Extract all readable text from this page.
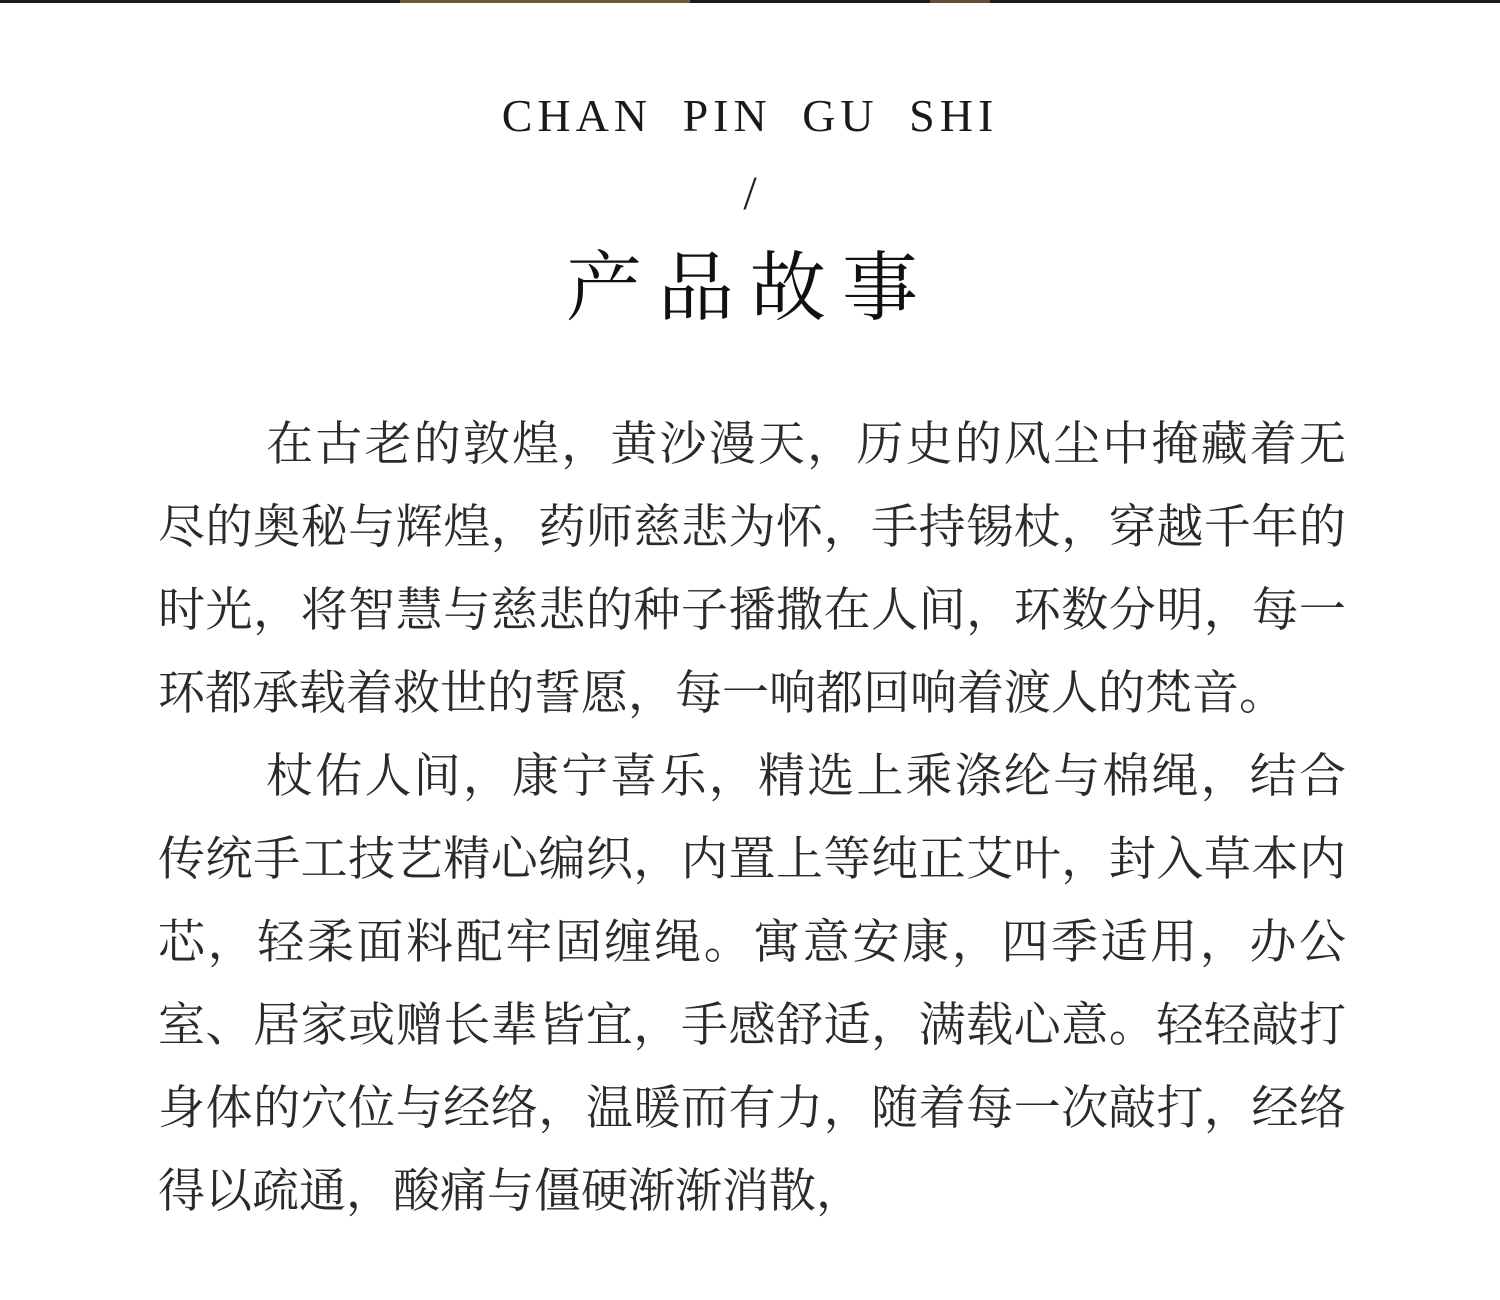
CHAN PIN GU SHI
/
产品故事

在古老的敦煌，黄沙漫天，历史的风尘中掩藏着无尽的奥秘与辉煌，药师慈悲为怀，手持锡杖，穿越千年的时光，将智慧与慈悲的种子播撒在人间，环数分明，每一环都承载着救世的誓愿，每一响都回响着渡人的梵音。

杖佑人间，康宁喜乐，精选上乘涤纶与棉绳，结合传统手工技艺精心编织，内置上等纯正艾叶，封入草本内芯，轻柔面料配牢固缠绳。寓意安康，四季适用，办公室、居家或赠长辈皆宜，手感舒适，满载心意。轻轻敲打身体的穴位与经络，温暖而有力，随着每一次敲打，经络得以疏通，酸痛与僵硬渐渐消散，
